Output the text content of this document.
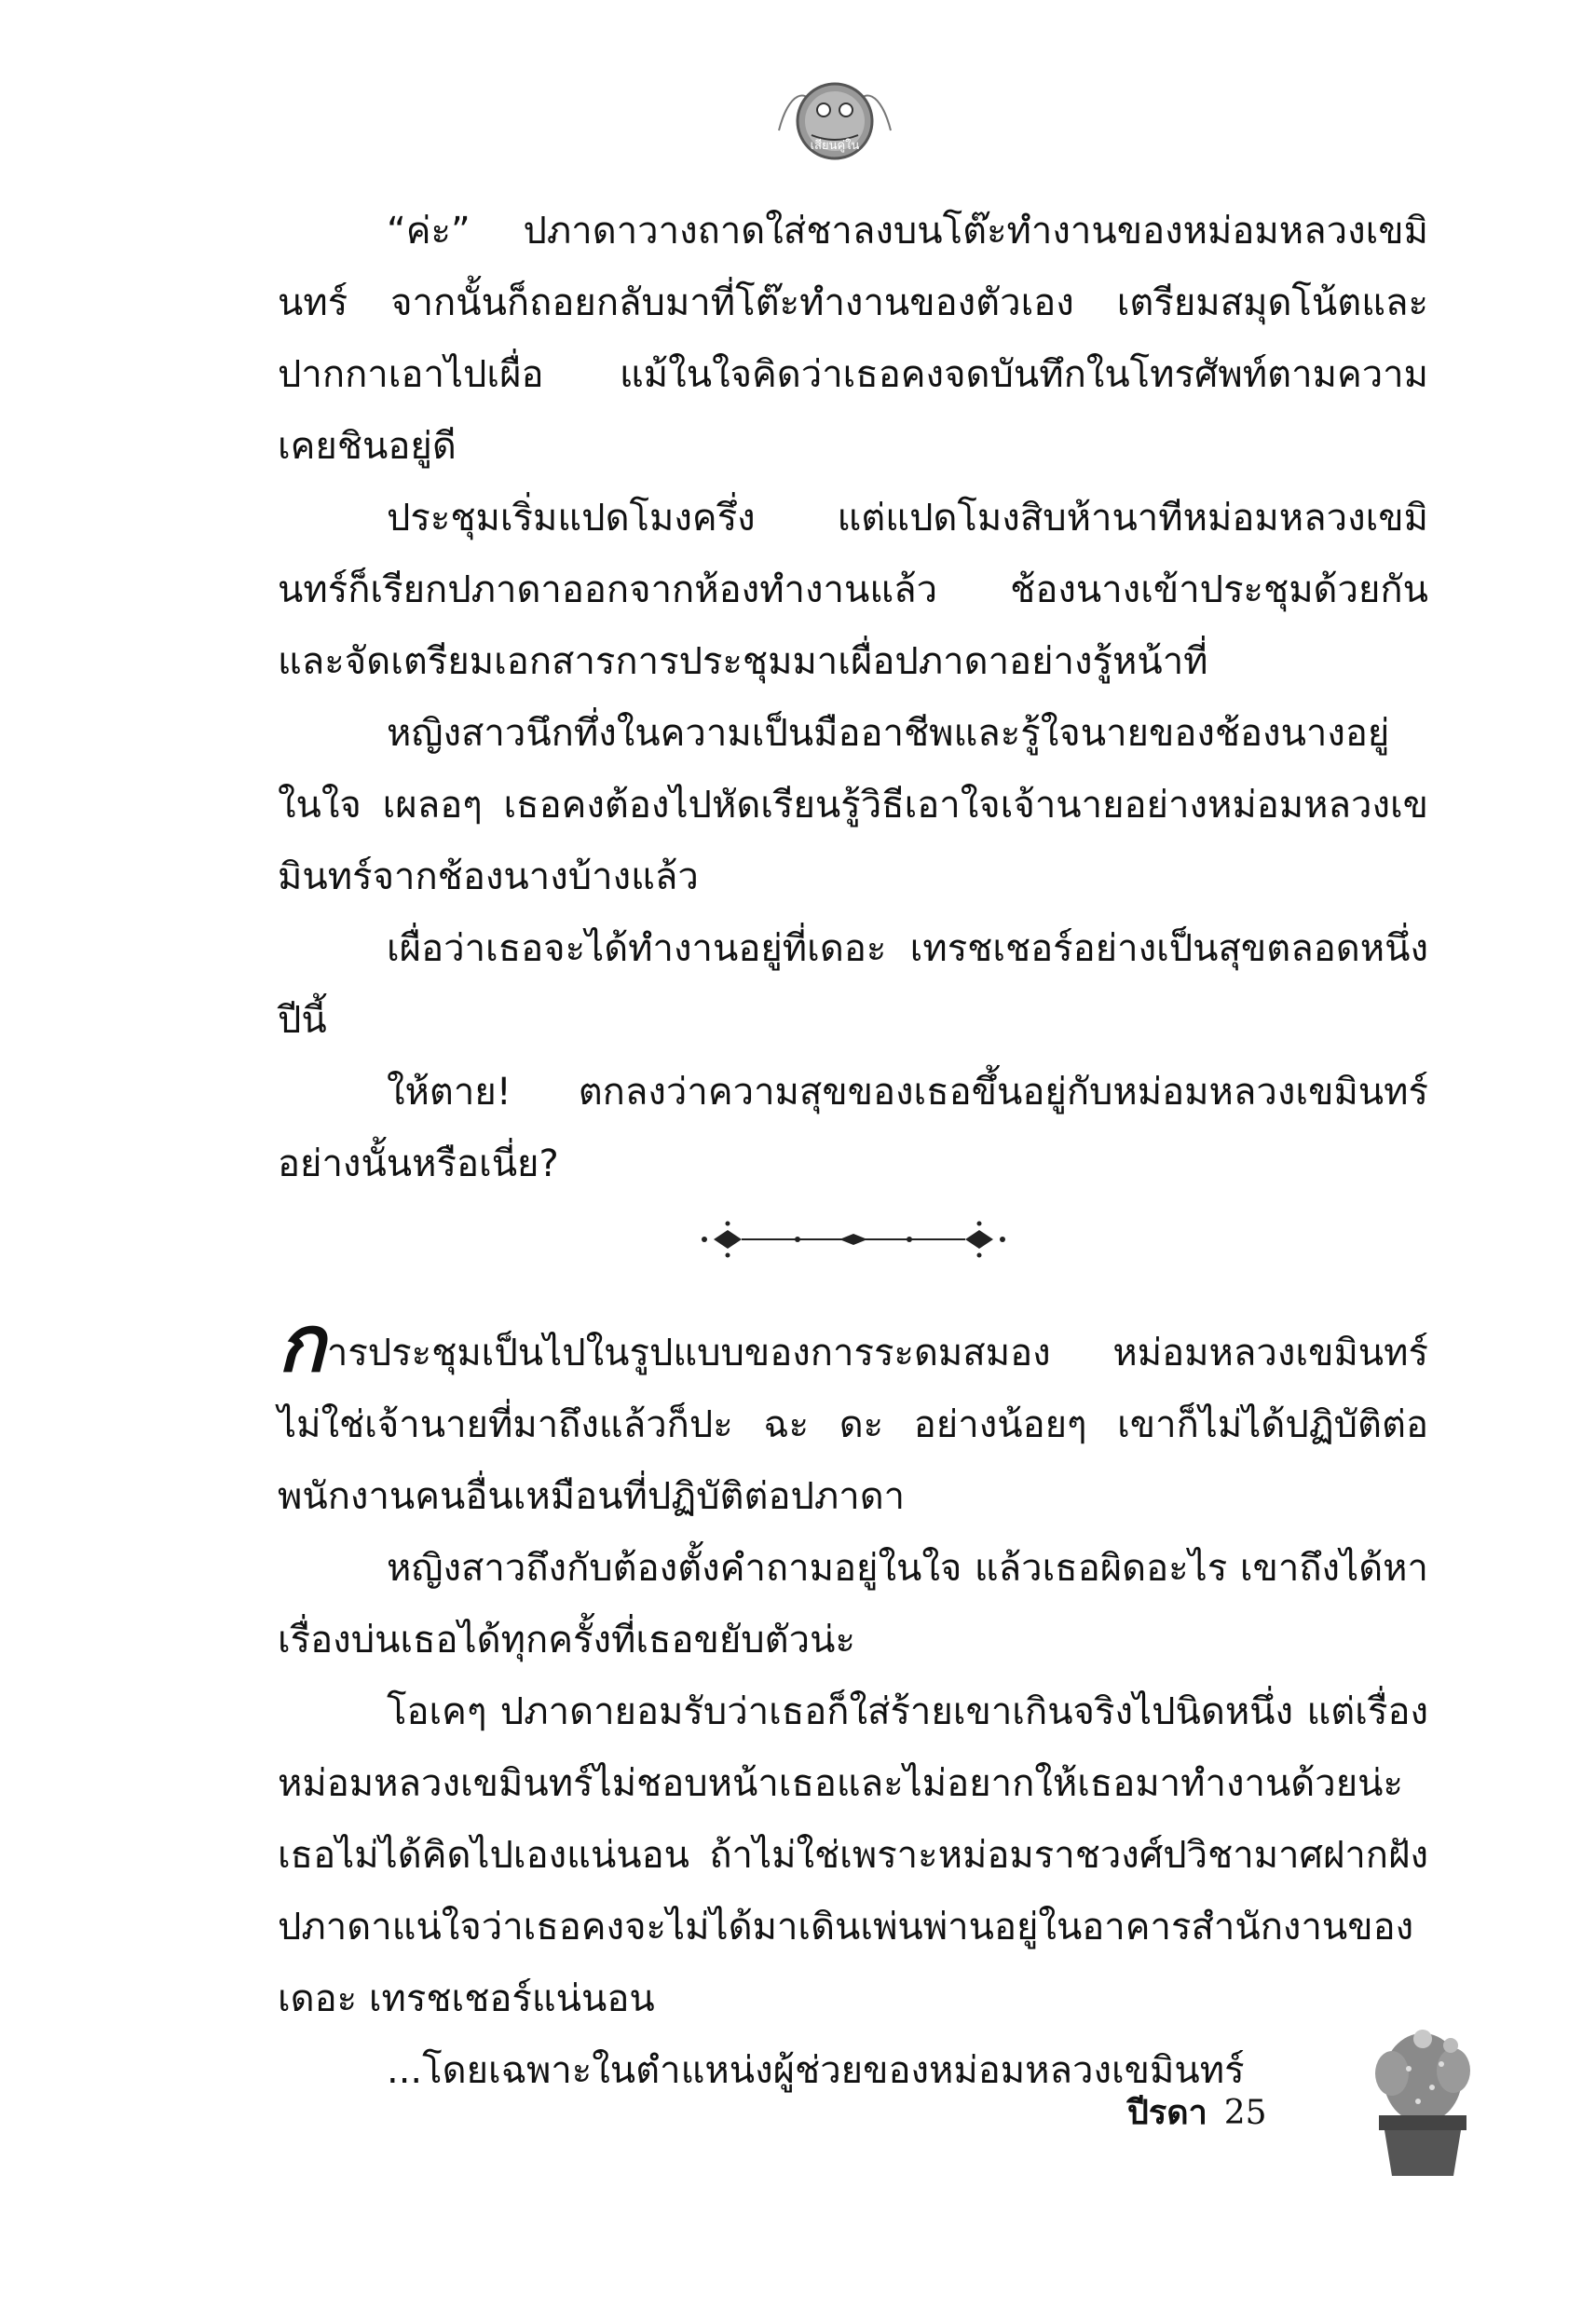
เสียนคู่ใน

“ค่ะ” ปภาดาวางถาดใส่ชาลงบนโต๊ะทำงานของหม่อมหลวงเขมินทร์ จากนั้นก็ถอยกลับมาที่โต๊ะทำงานของตัวเอง เตรียมสมุดโน้ตและปากกาเอาไปเผื่อ แม้ในใจคิดว่าเธอคงจดบันทึกในโทรศัพท์ตามความเคยชินอยู่ดี

ประชุมเริ่มแปดโมงครึ่ง แต่แปดโมงสิบห้านาทีหม่อมหลวงเขมินทร์ก็เรียกปภาดาออกจากห้องทำงานแล้ว ช้องนางเข้าประชุมด้วยกันและจัดเตรียมเอกสารการประชุมมาเผื่อปภาดาอย่างรู้หน้าที่

หญิงสาวนึกทึ่งในความเป็นมืออาชีพและรู้ใจนายของช้องนางอยู่ในใจ เผลอๆ เธอคงต้องไปหัดเรียนรู้วิธีเอาใจเจ้านายอย่างหม่อมหลวงเขมินทร์จากช้องนางบ้างแล้ว

เผื่อว่าเธอจะได้ทำงานอยู่ที่เดอะ เทรชเชอร์อย่างเป็นสุขตลอดหนึ่งปีนี้

ให้ตาย! ตกลงว่าความสุขของเธอขึ้นอยู่กับหม่อมหลวงเขมินทร์อย่างนั้นหรือเนี่ย?

การประชุมเป็นไปในรูปแบบของการระดมสมอง หม่อมหลวงเขมินทร์ไม่ใช่เจ้านายที่มาถึงแล้วก็ปะ ฉะ ดะ อย่างน้อยๆ เขาก็ไม่ได้ปฏิบัติต่อพนักงานคนอื่นเหมือนที่ปฏิบัติต่อปภาดา

หญิงสาวถึงกับต้องตั้งคำถามอยู่ในใจ แล้วเธอผิดอะไร เขาถึงได้หาเรื่องบ่นเธอได้ทุกครั้งที่เธอขยับตัวน่ะ

โอเคๆ ปภาดายอมรับว่าเธอก็ใส่ร้ายเขาเกินจริงไปนิดหนึ่ง แต่เรื่องหม่อมหลวงเขมินทร์ไม่ชอบหน้าเธอและไม่อยากให้เธอมาทำงานด้วยน่ะเธอไม่ได้คิดไปเองแน่นอน ถ้าไม่ใช่เพราะหม่อมราชวงศ์ปวิชามาศฝากฝัง ปภาดาแน่ใจว่าเธอคงจะไม่ได้มาเดินเพ่นพ่านอยู่ในอาคารสำนักงานของเดอะ เทรชเชอร์แน่นอน

...โดยเฉพาะในตำแหน่งผู้ช่วยของหม่อมหลวงเขมินทร์

ปีรดา 25
